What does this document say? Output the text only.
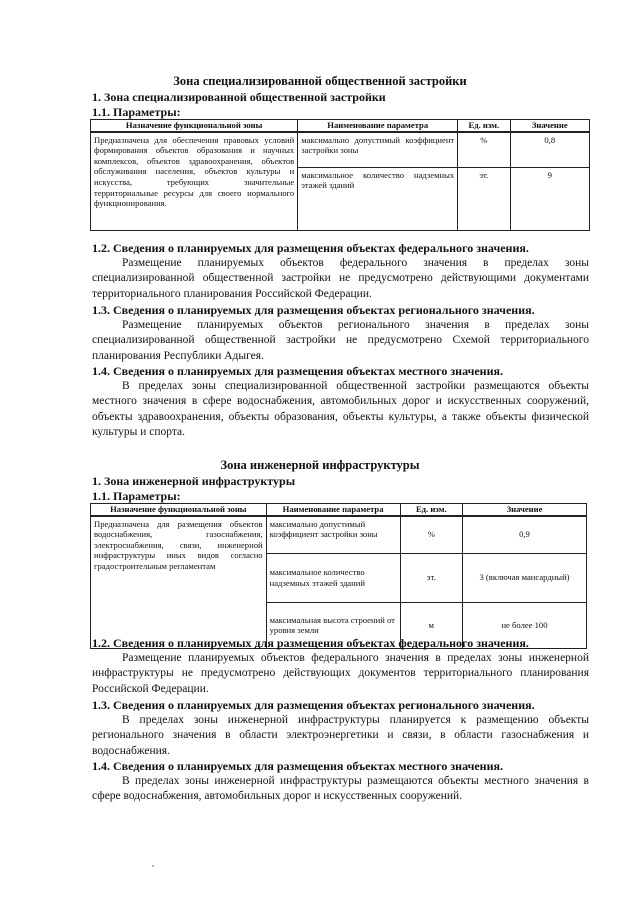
Зона специализированной общественной застройки
1. Зона специализированной общественной застройки
1.1. Параметры:
Назначение функциональной зоны	Наименование параметра	Ед. изм.	Значение
Предназначена для обеспечения правовых условий формирования объектов образования и научных комплексов, объектов здравоохранения, объектов обслуживания населения, объектов культуры и искусства, требующих значительные территориальные ресурсы для своего нормального функционирования.	максимально допустимый коэффициент застройки зоны	%	0,8
	максимальное количество надземных этажей зданий	эт.	9
1.2. Сведения о планируемых для размещения объектах федерального значения.

Размещение планируемых объектов федерального значения в пределах зоны специализированной общественной застройки не предусмотрено действующими документами территориального планирования Российской Федерации.

1.3. Сведения о планируемых для размещения объектах регионального значения.

Размещение планируемых объектов регионального значения в пределах зоны специализированной общественной застройки не предусмотрено Схемой территориального планирования Республики Адыгея.

1.4. Сведения о планируемых для размещения объектах местного значения.

В пределах зоны специализированной общественной застройки размещаются объекты местного значения в сфере водоснабжения, автомобильных дорог и искусственных сооружений, объекты здравоохранения, объекты образования, объекты культуры, а также объекты физической культуры и спорта.

Зона инженерной инфраструктуры
1. Зона инженерной инфраструктуры
1.1. Параметры:
Назначение функциональной зоны	Наименование параметра	Ед. изм.	Значение
Предназначена для размещения объектов водоснабжения, газоснабжения, электроснабжения, связи, инженерной инфраструктуры иных видов согласно градостроительным регламентам	максимально допустимый коэффициент застройки зоны	%	0,9
	максимальное количество надземных этажей зданий	эт.	3 (включая мансардный)
	максимальная высота строений от уровня земли	м	не более 100
1.2. Сведения о планируемых для размещения объектах федерального значения.

Размещение планируемых объектов федерального значения в пределах зоны инженерной инфраструктуры не предусмотрено действующих документов территориального планирования Российской Федерации.

1.3. Сведения о планируемых для размещения объектах регионального значения.

В пределах зоны инженерной инфраструктуры планируется к размещению объекты регионального значения в области электроэнергетики и связи, в области газоснабжения и водоснабжения.

1.4. Сведения о планируемых для размещения объектах местного значения.

В пределах зоны инженерной инфраструктуры размещаются объекты местного значения в сфере водоснабжения, автомобильных дорог и искусственных сооружений.

,
